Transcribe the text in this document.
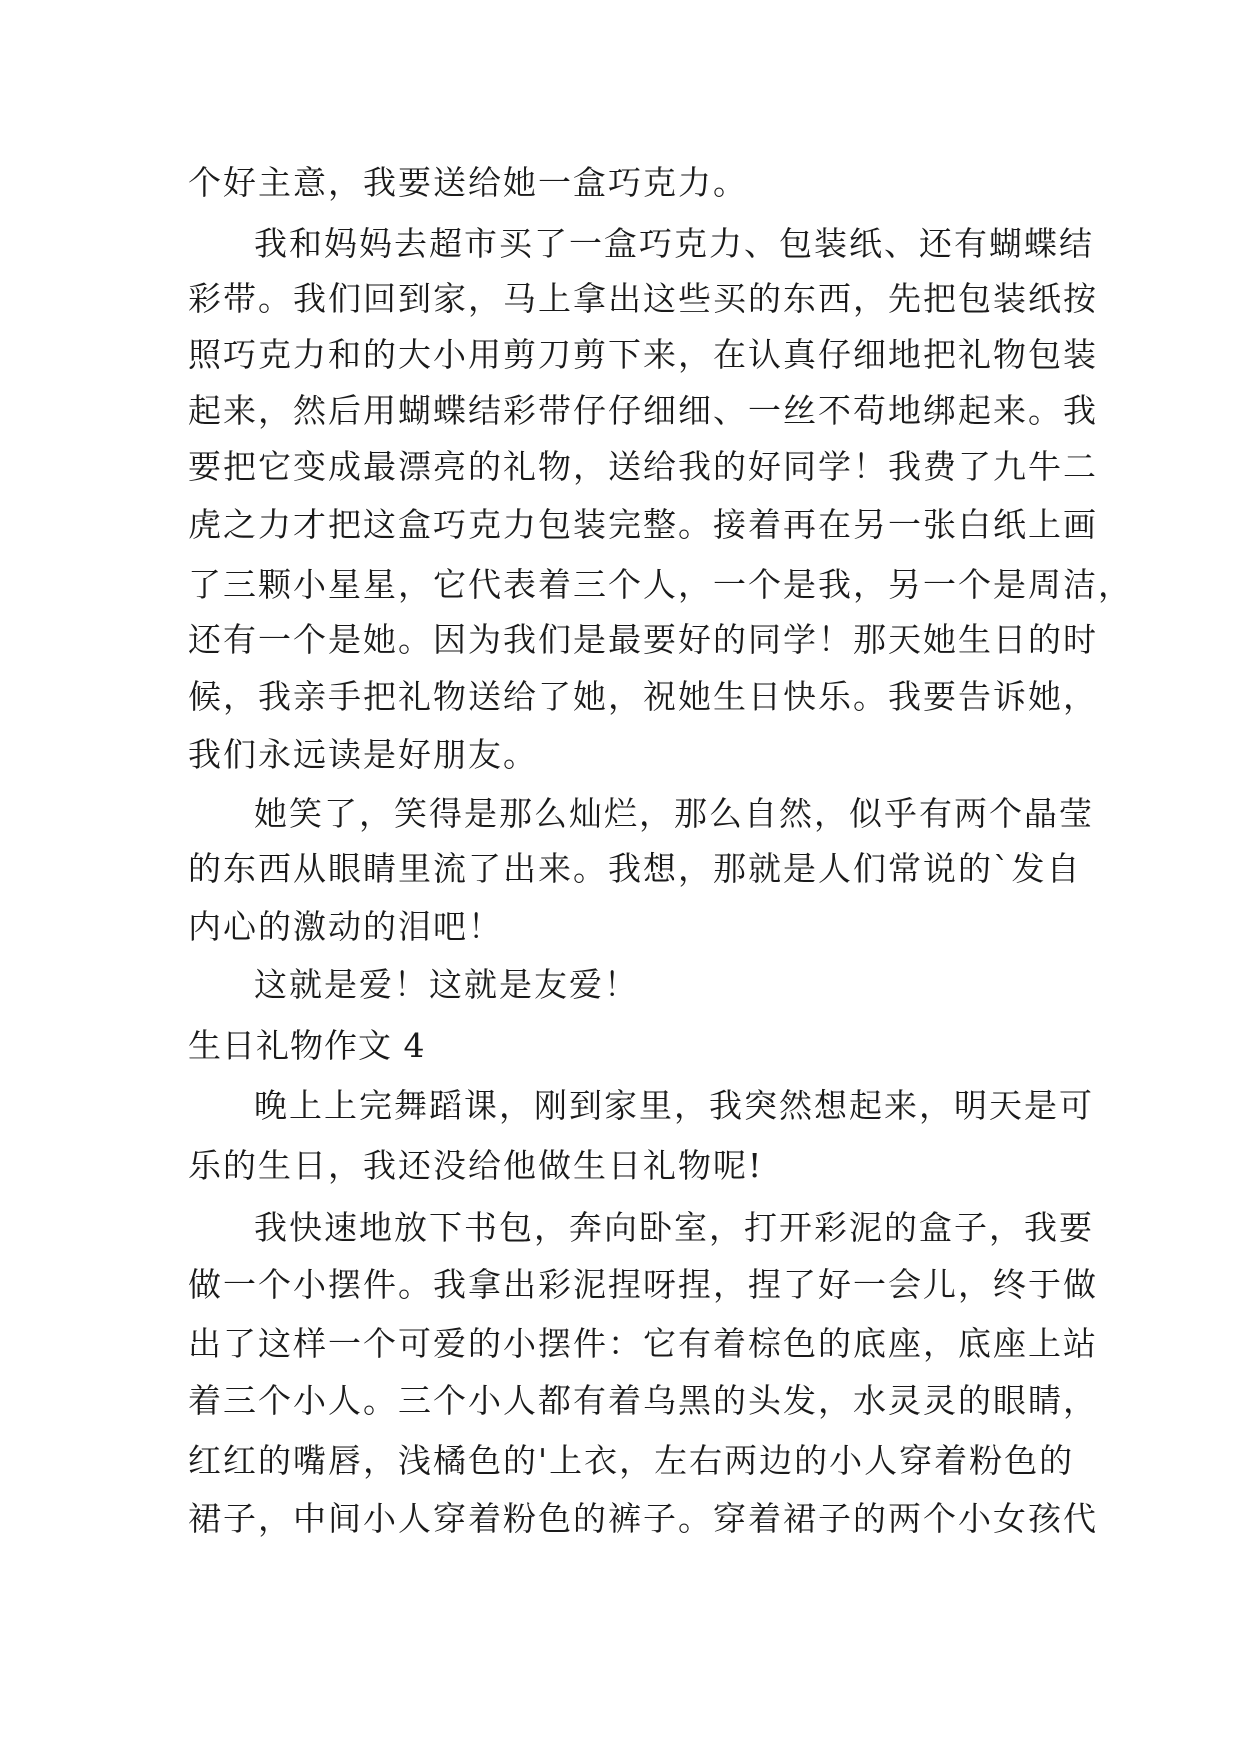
个好主意，我要送给她一盒巧克力。
我和妈妈去超市买了一盒巧克力、包装纸、还有蝴蝶结
彩带。我们回到家，马上拿出这些买的东西，先把包装纸按
照巧克力和的大小用剪刀剪下来，在认真仔细地把礼物包装
起来，然后用蝴蝶结彩带仔仔细细、一丝不苟地绑起来。我
要把它变成最漂亮的礼物，送给我的好同学！我费了九牛二
虎之力才把这盒巧克力包装完整。接着再在另一张白纸上画
了三颗小星星，它代表着三个人，一个是我，另一个是周洁，
还有一个是她。因为我们是最要好的同学！那天她生日的时
候，我亲手把礼物送给了她，祝她生日快乐。我要告诉她，
我们永远读是好朋友。
她笑了，笑得是那么灿烂，那么自然，似乎有两个晶莹
的东西从眼睛里流了出来。我想，那就是人们常说的`发自
内心的激动的泪吧！
这就是爱！这就是友爱！
生日礼物作文 4
晚上上完舞蹈课，刚到家里，我突然想起来，明天是可
乐的生日，我还没给他做生日礼物呢!
我快速地放下书包，奔向卧室，打开彩泥的盒子，我要
做一个小摆件。我拿出彩泥捏呀捏，捏了好一会儿，终于做
出了这样一个可爱的小摆件：它有着棕色的底座，底座上站
着三个小人。三个小人都有着乌黑的头发，水灵灵的眼睛，
红红的嘴唇，浅橘色的'上衣，左右两边的小人穿着粉色的
裙子，中间小人穿着粉色的裤子。穿着裙子的两个小女孩代
